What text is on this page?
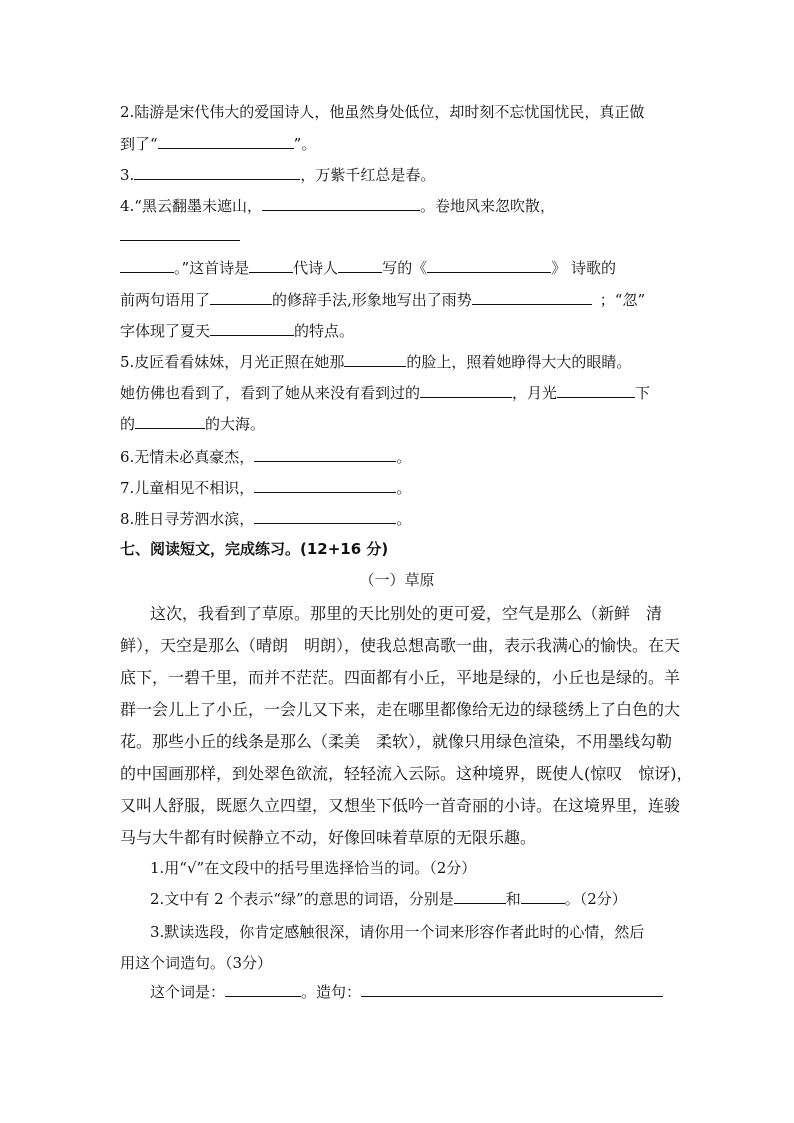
2.陆游是宋代伟大的爱国诗人，他虽然身处低位，却时刻不忘忧国忧民，真正做
到了“	”。
3.	，万紫千红总是春。
4.“黑云翻墨未遮山，	。卷地风来忽吹散，
。”这首诗是	代诗人	写的《	》 诗歌的
前两句语用了	的修辞手法,形象地写出了雨势	；“忽”
字体现了夏天	的特点。
5.皮匠看看妹妹，月光正照在她那	的脸上，照着她睁得大大的眼睛。
她仿佛也看到了，看到了她从来没有看到过的	，月光	下
的	的大海。
6.无情未必真豪杰，	。
7.儿童相见不相识，	。
8.胜日寻芳泗水滨，	。
七、阅读短文，完成练习。(12+16 分)
（一）草原
这次，我看到了草原。那里的天比别处的更可爱，空气是那么（新鲜　清
鲜），天空是那么（晴朗　明朗），使我总想高歌一曲，表示我满心的愉快。在天
底下，一碧千里，而并不茫茫。四面都有小丘，平地是绿的，小丘也是绿的。羊
群一会儿上了小丘，一会儿又下来，走在哪里都像给无边的绿毯绣上了白色的大
花。那些小丘的线条是那么（柔美　柔软），就像只用绿色渲染，不用墨线勾勒
的中国画那样，到处翠色欲流，轻轻流入云际。这种境界，既使人(惊叹　惊讶)，
又叫人舒服，既愿久立四望，又想坐下低吟一首奇丽的小诗。在这境界里，连骏
马与大牛都有时候静立不动，好像回味着草原的无限乐趣。
1.用“√”在文段中的括号里选择恰当的词。（2分）
2.文中有 2 个表示“绿”的意思的词语，分别是	和	。（2分）
3.默读选段，你肯定感触很深，请你用一个词来形容作者此时的心情，然后
用这个词造句。（3分）
这个词是：	。造句：
